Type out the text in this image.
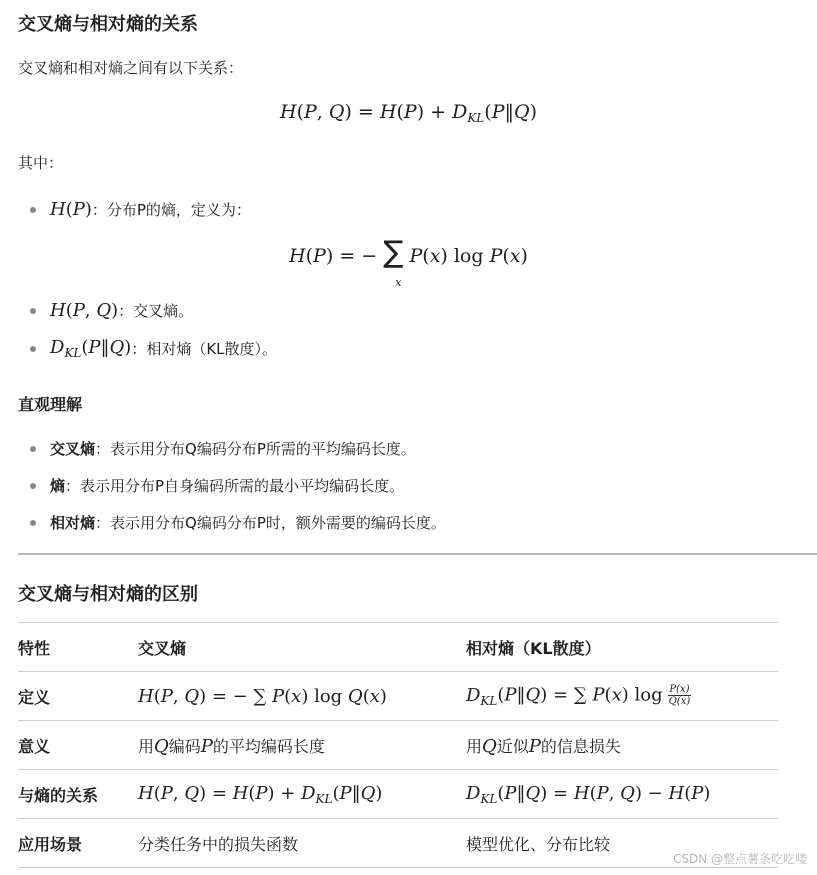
交叉熵与相对熵的关系
交叉熵和相对熵之间有以下关系：
H(P, $Q) = H(P) + D_{KL}(P‖Q)$
其中：
H(P) ：分布P的熵，定义为：
H(P) = − ∑
x
P(x) log P(x)
H(P, Q) ：交叉熵。
$D_{KL}(P‖Q)$ ：相对熵（KL散度）。
直观理解
交叉熵 ：表示用分布Q编码分布P所需的平均编码长度。
熵 ：表示用分布P自身编码所需的最小平均编码长度。
相对熵 ：表示用分布Q编码分布P时，额外需要的编码长度。
交叉熵与相对熵的区别
特性	交叉熵	相对熵（KL散度）
定义	H(P, Q) = − ∑ P(x) log Q(x)	$D_{KL}(P‖Q)$ = ∑ P(x) $\log \frac{P(x)}{Q(x)}$

意义	用Q编码P的平均编码长度	用Q近似P的信息损失
与熵的关系	H(P, $Q) = H(P) + D_{KL}(P‖Q)$	$D_{KL}(P‖Q) = H(P$, Q) − H(P)
应用场景	分类任务中的损失函数	模型优化、分布比较
CSDN @整点薯条吃吃喽
